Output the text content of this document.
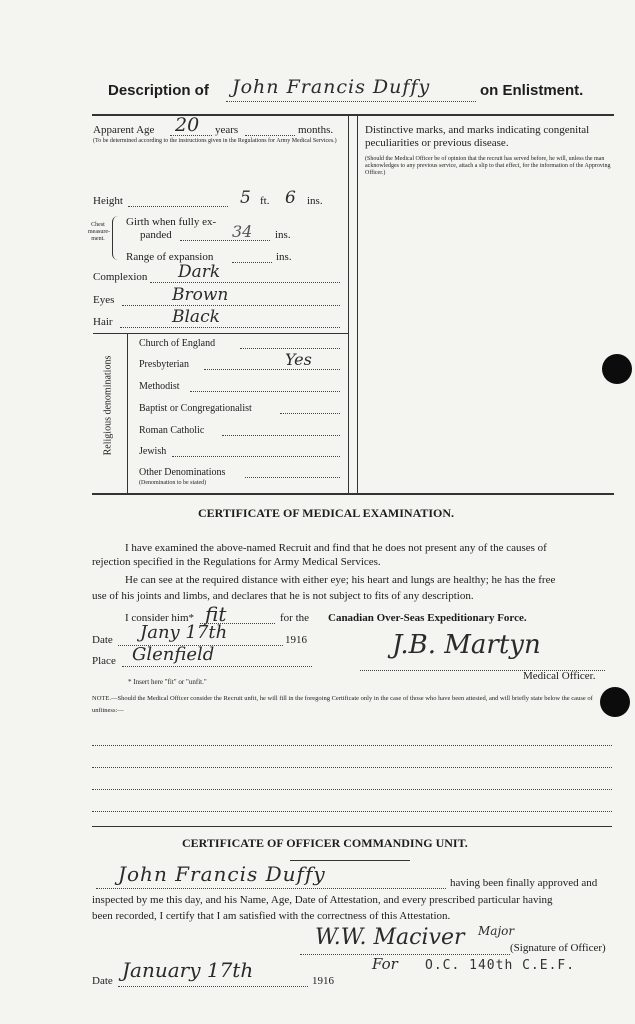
Description of John Francis Duffy	on Enlistment.
Apparent Age 20 years	months.
(To be determined according to the instructions given in the Regulations for Army Medical Services.)
Height	5 ft. 6 ins.
Chest measure-ment.
Girth when fully ex-
panded	34 ins.
Range of expansion	ins.
Complexion Dark
Eyes	Brown
Hair	Black
Religious denominations
Church of England
Presbyterian	Yes
Methodist
Baptist or Congregationalist
Roman Catholic
Jewish
Other Denominations
(Denomination to be stated)
Distinctive marks, and marks indicating congenital
peculiarities or previous disease.
(Should the Medical Officer be of opinion that the recruit has served before, he will, unless the man acknowledges to any previous service, attach a slip to that effect, for the information of the Approving Officer.)
CERTIFICATE OF MEDICAL EXAMINATION.
I have examined the above-named Recruit and find that he does not present any of the causes of
rejection specified in the Regulations for Army Medical Services.
He can see at the required distance with either eye; his heart and lungs are healthy; he has the free
use of his joints and limbs, and declares that he is not subject to fits of any description.
I consider him* fit	for the Canadian Over-Seas Expeditionary Force.
Date Jany 17th	1916
Place Glenfield	J.B. Martyn
Medical Officer.
* Insert here "fit" or "unfit."
NOTE.—Should the Medical Officer consider the Recruit unfit, he will fill in the foregoing Certificate only in the case of those who have been attested, and will briefly state below the cause of unfitness:—
CERTIFICATE OF OFFICER COMMANDING UNIT.
John Francis Duffy	having been finally approved and
inspected by me this day, and his Name, Age, Date of Attestation, and every prescribed particular having
been recorded, I certify that I am satisfied with the correctness of this Attestation.
W.W. Maciver Major
(Signature of Officer)
For O.C. 140th C.E.F.
Date January 17th	1916
